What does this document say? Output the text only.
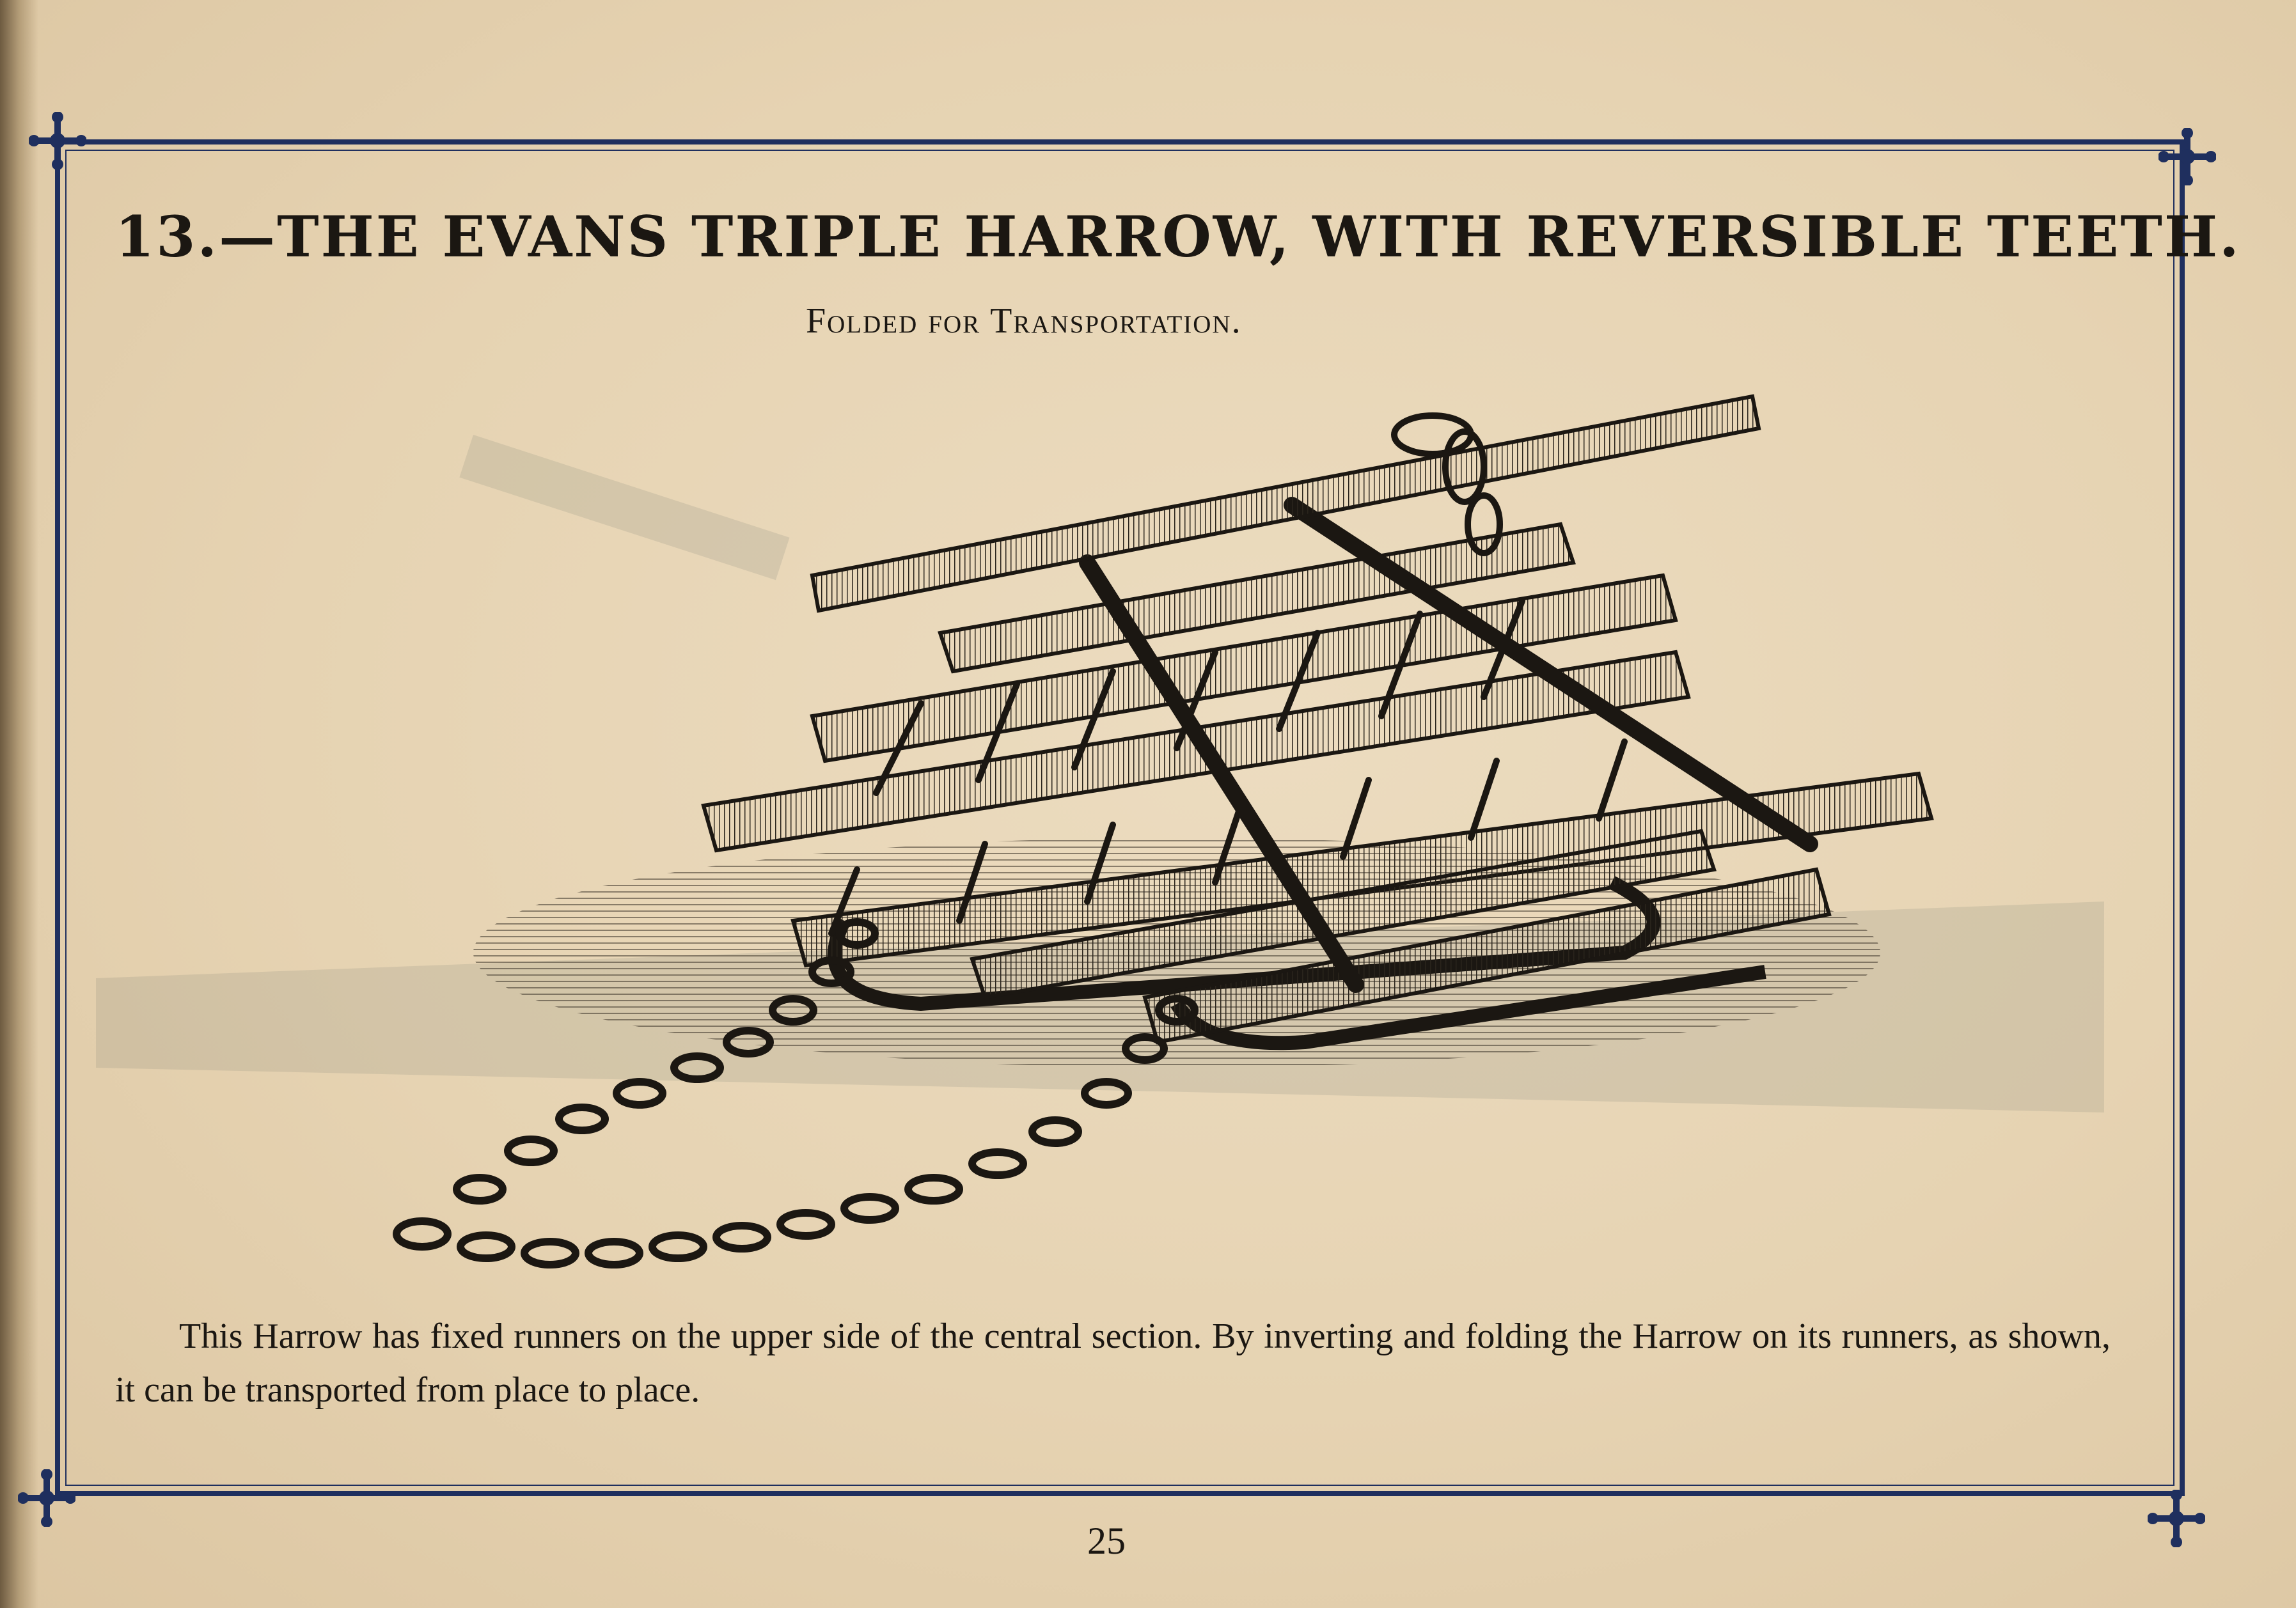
13.—THE EVANS TRIPLE HARROW, WITH REVERSIBLE TEETH.
Folded for Transportation.

This Harrow has fixed runners on the upper side of the central section. By inverting and folding the Harrow on its runners, as shown, it can be transported from place to place.

25
